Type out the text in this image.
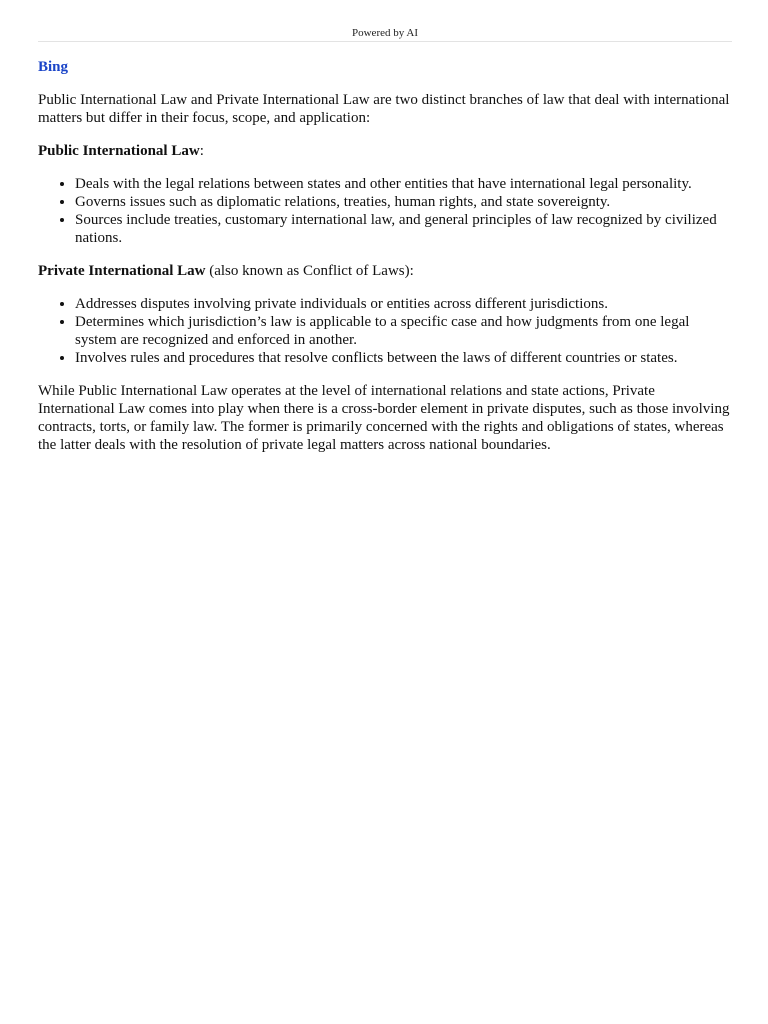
Powered by AI
Bing

Public International Law and Private International Law are two distinct branches of law that deal with international matters but differ in their focus, scope, and application:

Public International Law:
• Deals with the legal relations between states and other entities that have international legal personality.
• Governs issues such as diplomatic relations, treaties, human rights, and state sovereignty.
• Sources include treaties, customary international law, and general principles of law recognized by civilized nations.
Private International Law (also known as Conflict of Laws):
• Addresses disputes involving private individuals or entities across different jurisdictions.
• Determines which jurisdiction’s law is applicable to a specific case and how judgments from one legal system are recognized and enforced in another.
• Involves rules and procedures that resolve conflicts between the laws of different countries or states.

While Public International Law operates at the level of international relations and state actions, Private International Law comes into play when there is a cross-border element in private disputes, such as those involving contracts, torts, or family law. The former is primarily concerned with the rights and obligations of states, whereas the latter deals with the resolution of private legal matters across national boundaries.
